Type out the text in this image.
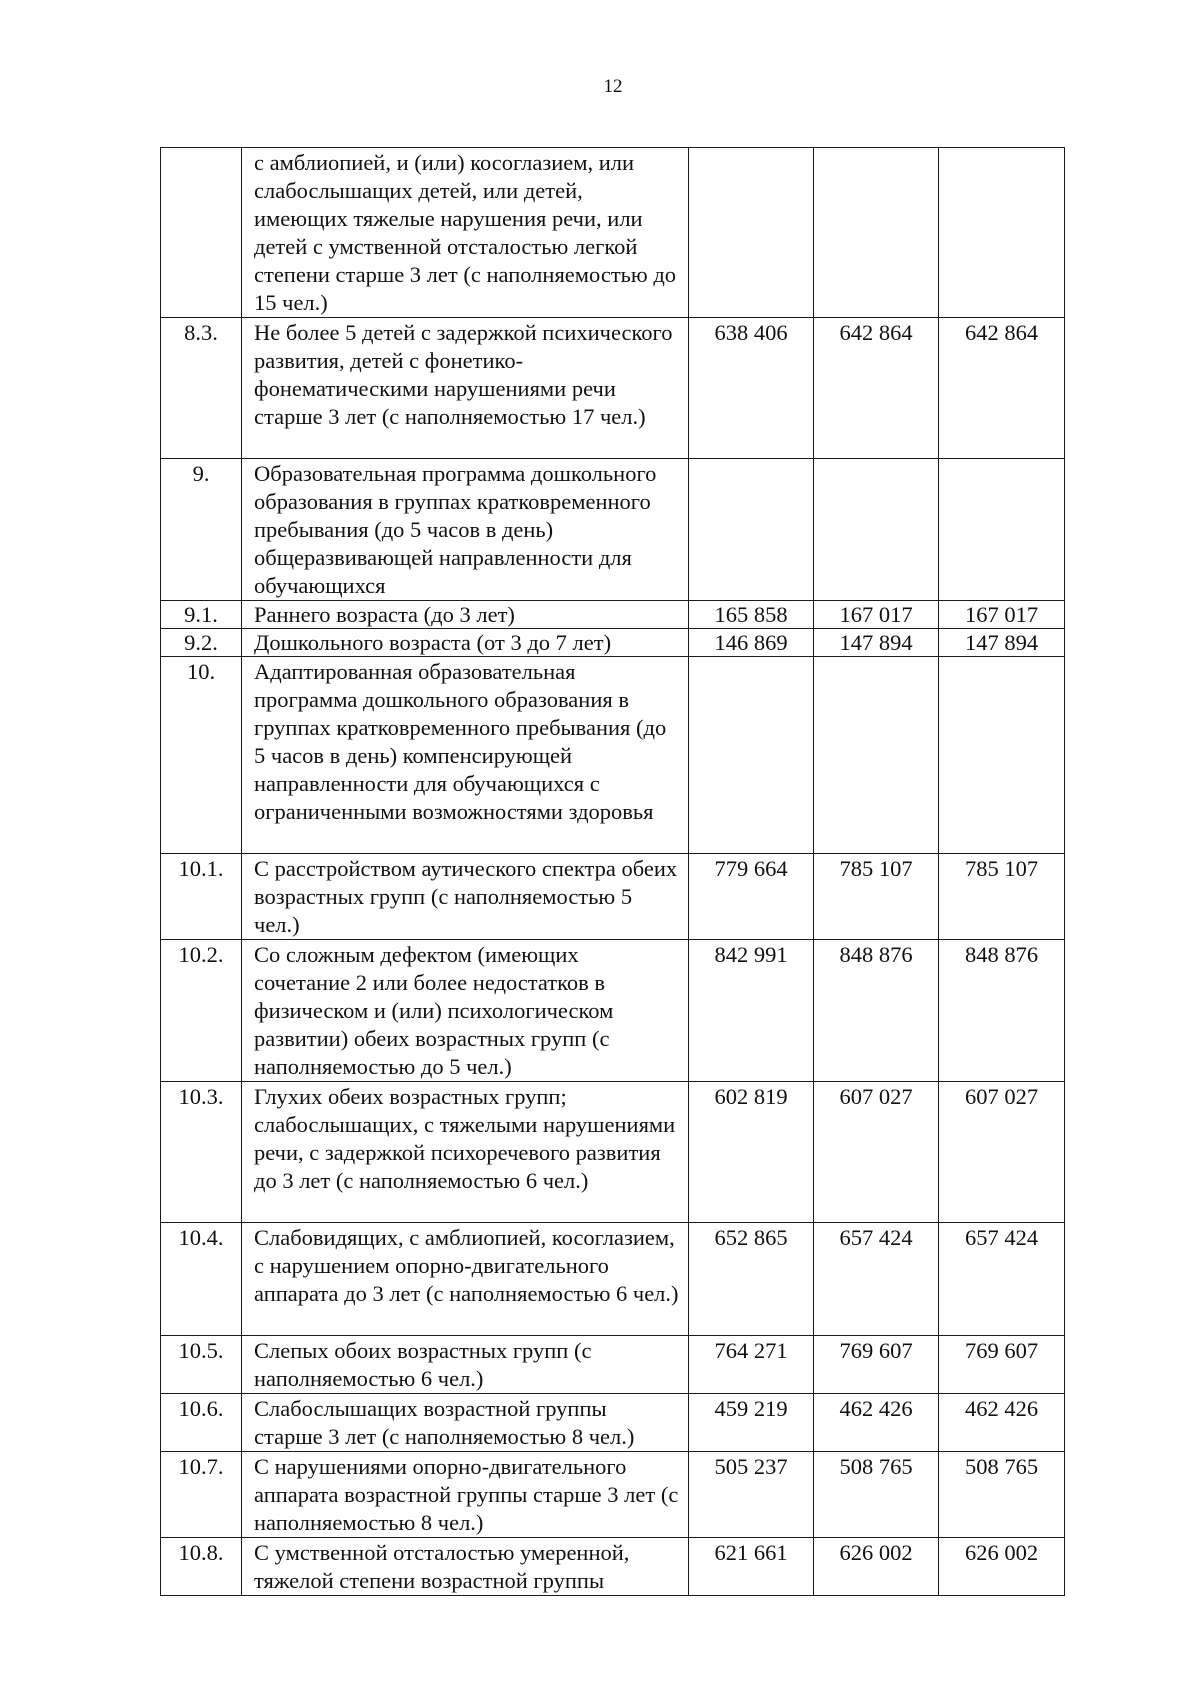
12
	с амблиопией, и (или) косоглазием, или слабослышащих детей, или детей, имеющих тяжелые нарушения речи, или детей с умственной отсталостью легкой степени старше 3 лет (с наполняемостью до 15 чел.)			
8.3.	Не более 5 детей с задержкой психического развития, детей с фонетико-фонематическими нарушениями речи старше 3 лет (с наполняемостью 17 чел.)	638 406	642 864	642 864
9.	Образовательная программа дошкольного образования в группах кратковременного пребывания (до 5 часов в день) общеразвивающей направленности для обучающихся			
9.1.	Раннего возраста (до 3 лет)	165 858	167 017	167 017
9.2.	Дошкольного возраста (от 3 до 7 лет)	146 869	147 894	147 894
10.	Адаптированная образовательная программа дошкольного образования в группах кратковременного пребывания (до 5 часов в день) компенсирующей направленности для обучающихся с ограниченными возможностями здоровья			
10.1.	С расстройством аутического спектра обеих возрастных групп (с наполняемостью 5 чел.)	779 664	785 107	785 107
10.2.	Со сложным дефектом (имеющих сочетание 2 или более недостатков в физическом и (или) психологическом развитии) обеих возрастных групп (с наполняемостью до 5 чел.)	842 991	848 876	848 876
10.3.	Глухих обеих возрастных групп; слабослышащих, с тяжелыми нарушениями речи, с задержкой психоречевого развития до 3 лет (с наполняемостью 6 чел.)	602 819	607 027	607 027
10.4.	Слабовидящих, с амблиопией, косоглазием, с нарушением опорно-двигательного аппарата до 3 лет (с наполняемостью 6 чел.)	652 865	657 424	657 424
10.5.	Слепых обоих возрастных групп (с наполняемостью 6 чел.)	764 271	769 607	769 607
10.6.	Слабослышащих возрастной группы старше 3 лет (с наполняемостью 8 чел.)	459 219	462 426	462 426
10.7.	С нарушениями опорно-двигательного аппарата возрастной группы старше 3 лет (с наполняемостью 8 чел.)	505 237	508 765	508 765
10.8.	С умственной отсталостью умеренной, тяжелой степени возрастной группы	621 661	626 002	626 002
